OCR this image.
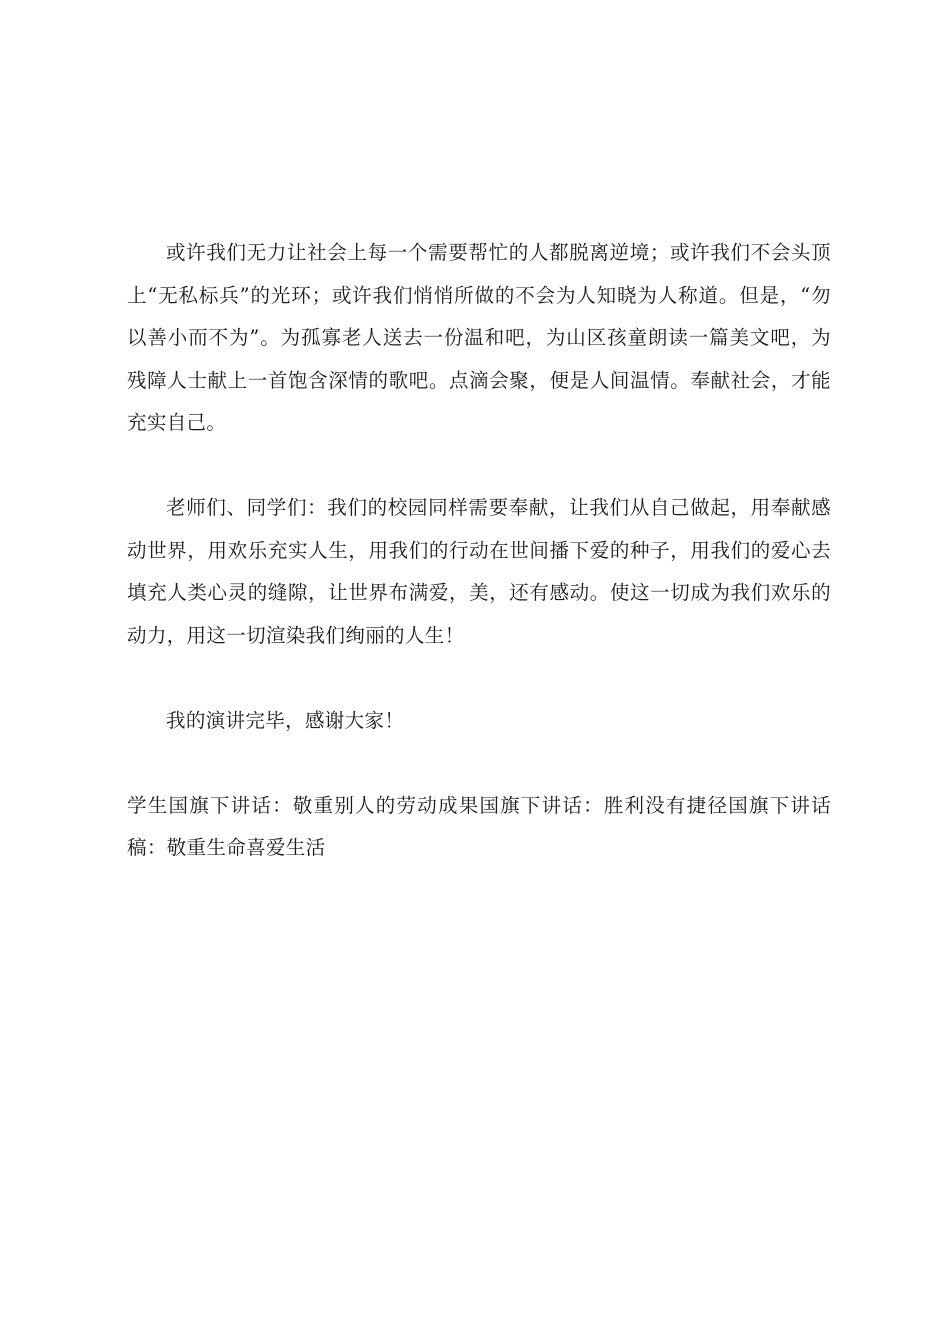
或许我们无力让社会上每一个需要帮忙的人都脱离逆境；或许我们不会头顶上“无私标兵”的光环；或许我们悄悄所做的不会为人知晓为人称道。但是，“勿以善小而不为”。为孤寡老人送去一份温和吧，为山区孩童朗读一篇美文吧，为残障人士献上一首饱含深情的歌吧。点滴会聚，便是人间温情。奉献社会，才能充实自己。

老师们、同学们：我们的校园同样需要奉献，让我们从自己做起，用奉献感动世界，用欢乐充实人生，用我们的行动在世间播下爱的种子，用我们的爱心去填充人类心灵的缝隙，让世界布满爱，美，还有感动。使这一切成为我们欢乐的动力，用这一切渲染我们绚丽的人生！

我的演讲完毕，感谢大家！

学生国旗下讲话：敬重别人的劳动成果国旗下讲话：胜利没有捷径国旗下讲话稿：敬重生命喜爱生活
